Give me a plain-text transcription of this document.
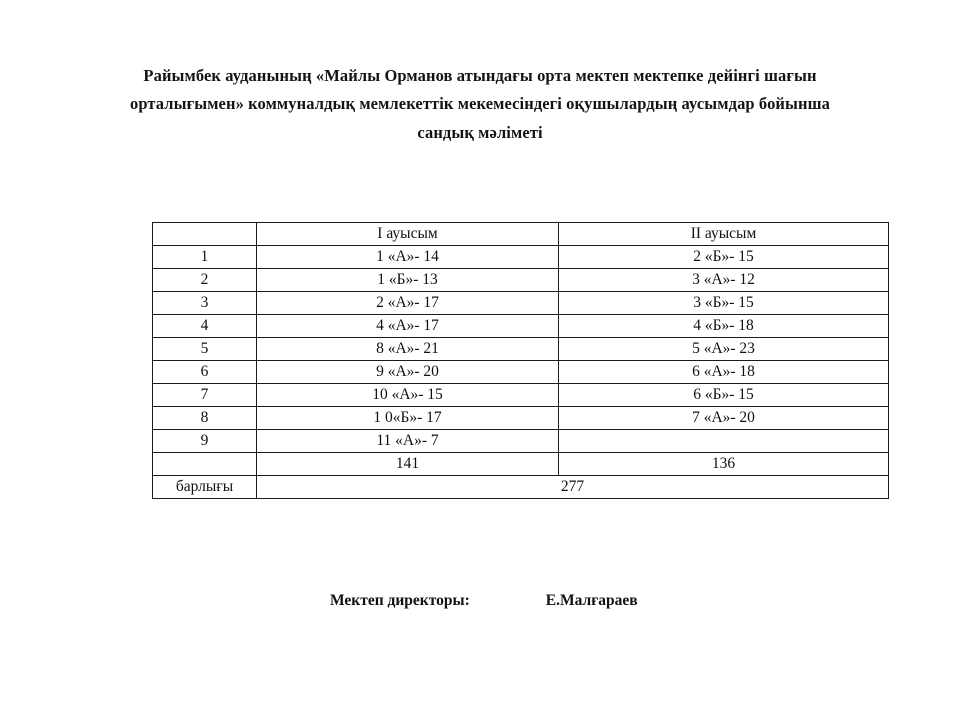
Райымбек ауданының «Майлы Орманов атындағы орта мектеп мектепке дейінгі шағын
орталығымен» коммуналдық мемлекеттік мекемесіндегі оқушылардың аусымдар бойынша
сандық мәліметі
	I ауысым	II ауысым
1	1 «А»- 14	2 «Б»- 15
2	1 «Б»- 13	3 «А»- 12
3	2 «А»- 17	3 «Б»- 15
4	4 «А»- 17	4 «Б»- 18
5	8 «А»- 21	5 «А»- 23
6	9 «А»- 20	6 «А»- 18
7	10 «А»- 15	6 «Б»- 15
8	1 0«Б»- 17	7 «А»- 20
9	11 «А»- 7	
	141	136
барлығы	277	
Мектеп директоры:	Е.Малғараев
